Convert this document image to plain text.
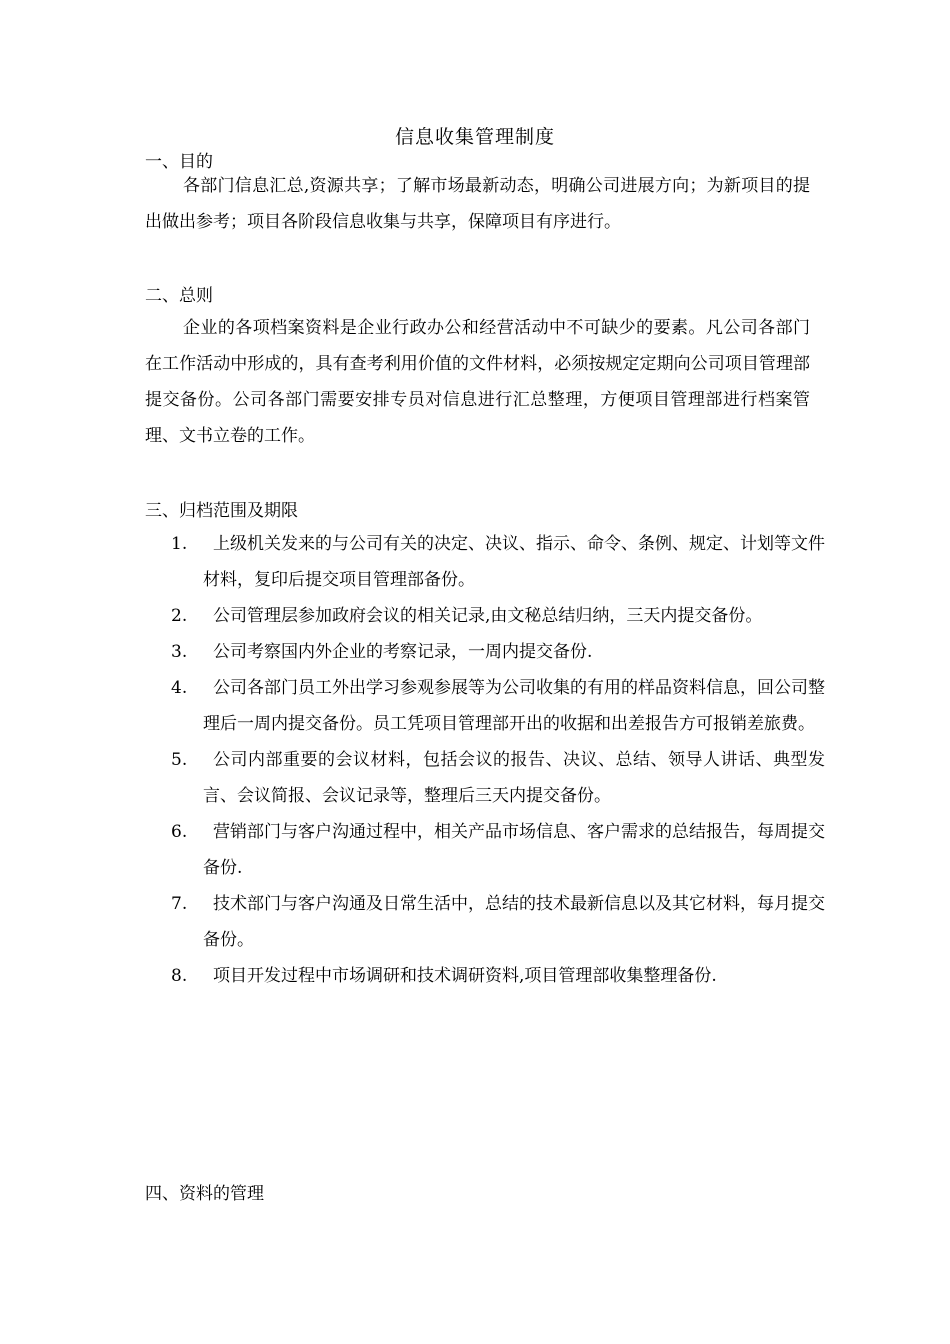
信息收集管理制度
一、目的
各部门信息汇总,资源共享；了解市场最新动态，明确公司进展方向；为新项目的提出做出参考；项目各阶段信息收集与共享，保障项目有序进行。
二、总则
企业的各项档案资料是企业行政办公和经营活动中不可缺少的要素。凡公司各部门在工作活动中形成的，具有查考利用价值的文件材料，必须按规定定期向公司项目管理部提交备份。公司各部门需要安排专员对信息进行汇总整理，方便项目管理部进行档案管理、文书立卷的工作。
三、归档范围及期限
1.	上级机关发来的与公司有关的决定、决议、指示、命令、条例、规定、计划等文件材料，复印后提交项目管理部备份。
2.	公司管理层参加政府会议的相关记录,由文秘总结归纳，三天内提交备份。
3.	公司考察国内外企业的考察记录，一周内提交备份.
4.	公司各部门员工外出学习参观参展等为公司收集的有用的样品资料信息，回公司整理后一周内提交备份。员工凭项目管理部开出的收据和出差报告方可报销差旅费。
5.	公司内部重要的会议材料，包括会议的报告、决议、总结、领导人讲话、典型发言、会议简报、会议记录等，整理后三天内提交备份。
6.	营销部门与客户沟通过程中，相关产品市场信息、客户需求的总结报告，每周提交备份.
7.	技术部门与客户沟通及日常生活中，总结的技术最新信息以及其它材料，每月提交备份。
8.	项目开发过程中市场调研和技术调研资料,项目管理部收集整理备份.
四、资料的管理
